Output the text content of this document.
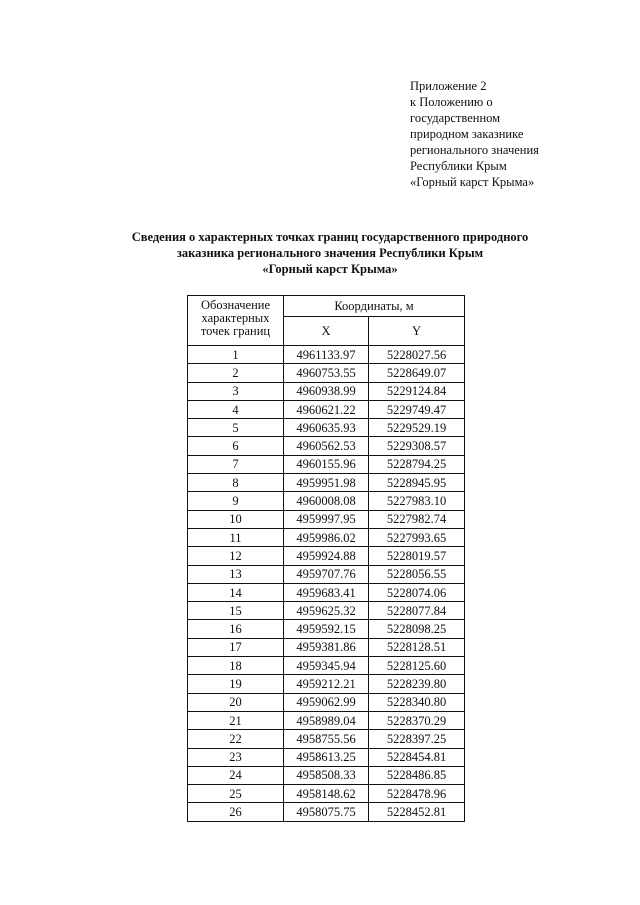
Приложение 2
к Положению о
государственном
природном заказнике
регионального значения
Республики Крым
«Горный карст Крыма»
Сведения о характерных точках границ государственного природного
заказника регионального значения Республики Крым
«Горный карст Крыма»
Обозначение характерных точек границ	Координаты, м	
	X	Y
1	4961133.97	5228027.56
2	4960753.55	5228649.07
3	4960938.99	5229124.84
4	4960621.22	5229749.47
5	4960635.93	5229529.19
6	4960562.53	5229308.57
7	4960155.96	5228794.25
8	4959951.98	5228945.95
9	4960008.08	5227983.10
10	4959997.95	5227982.74
11	4959986.02	5227993.65
12	4959924.88	5228019.57
13	4959707.76	5228056.55
14	4959683.41	5228074.06
15	4959625.32	5228077.84
16	4959592.15	5228098.25
17	4959381.86	5228128.51
18	4959345.94	5228125.60
19	4959212.21	5228239.80
20	4959062.99	5228340.80
21	4958989.04	5228370.29
22	4958755.56	5228397.25
23	4958613.25	5228454.81
24	4958508.33	5228486.85
25	4958148.62	5228478.96
26	4958075.75	5228452.81
